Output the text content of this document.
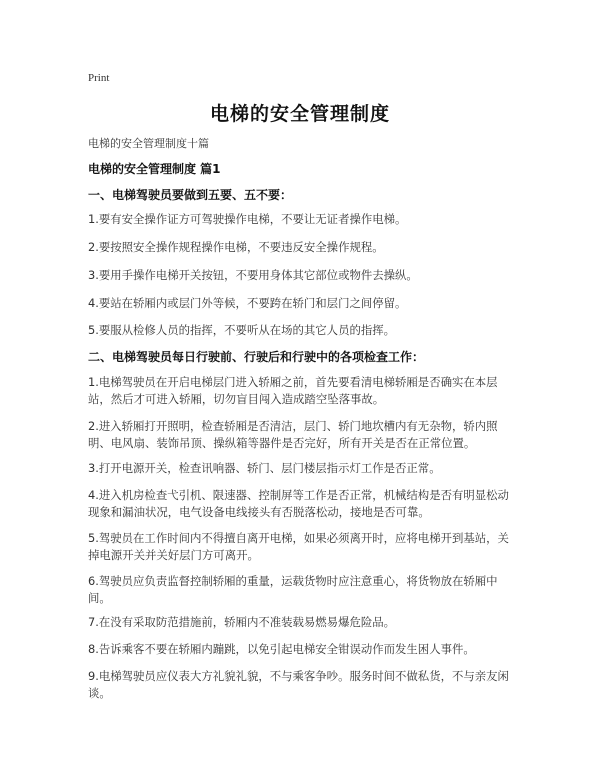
Print
电梯的安全管理制度
电梯的安全管理制度十篇
电梯的安全管理制度 篇1
一、电梯驾驶员要做到五要、五不要：
1.要有安全操作证方可驾驶操作电梯，不要让无证者操作电梯。
2.要按照安全操作规程操作电梯，不要违反安全操作规程。
3.要用手操作电梯开关按钮，不要用身体其它部位或物件去操纵。
4.要站在轿厢内或层门外等候，不要跨在轿门和层门之间停留。
5.要服从检修人员的指挥，不要听从在场的其它人员的指挥。
二、电梯驾驶员每日行驶前、行驶后和行驶中的各项检查工作：
1.电梯驾驶员在开启电梯层门进入轿厢之前，首先要看清电梯轿厢是否确实在本层站，然后才可进入轿厢，切勿盲目闯入造成踏空坠落事故。
2.进入轿厢打开照明，检查轿厢是否清洁，层门、轿门地坎槽内有无杂物，轿内照明、电风扇、装饰吊顶、操纵箱等器件是否完好，所有开关是否在正常位置。
3.打开电源开关，检查讯响器、轿门、层门楼层指示灯工作是否正常。
4.进入机房检查弋引机、限速器、控制屏等工作是否正常，机械结构是否有明显松动现象和漏油状况，电气设备电线接头有否脱落松动，接地是否可靠。
5.驾驶员在工作时间内不得擅自离开电梯，如果必须离开时，应将电梯开到基站，关掉电源开关并关好层门方可离开。
6.驾驶员应负责监督控制轿厢的重量，运载货物时应注意重心，将货物放在轿厢中间。
7.在没有采取防范措施前，轿厢内不准装载易燃易爆危险品。
8.告诉乘客不要在轿厢内蹦跳，以免引起电梯安全钳误动作而发生困人事件。
9.电梯驾驶员应仪表大方礼貌礼貌，不与乘客争吵。服务时间不做私货，不与亲友闲谈。
